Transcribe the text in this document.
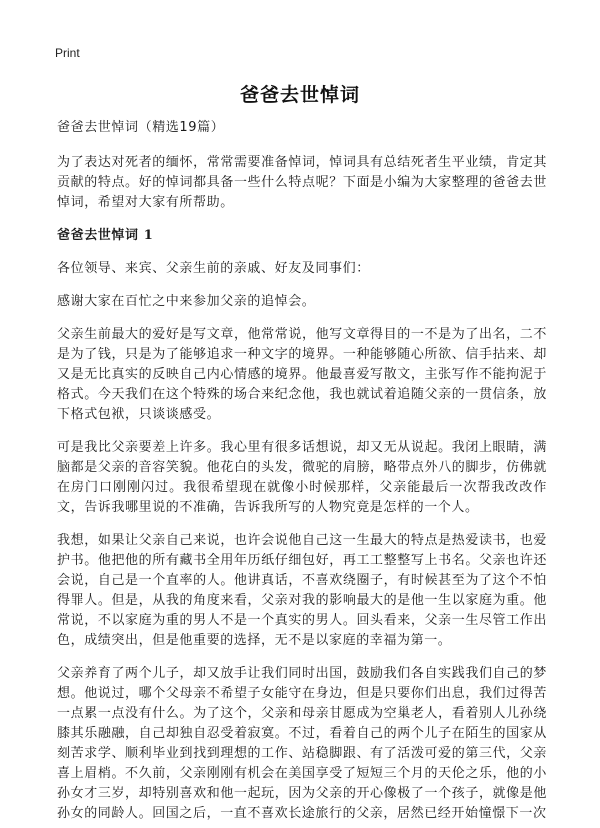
Print
爸爸去世悼词

爸爸去世悼词（精选19篇）

为了表达对死者的缅怀，常常需要准备悼词，悼词具有总结死者生平业绩，肯定其贡献的特点。好的悼词都具备一些什么特点呢？下面是小编为大家整理的爸爸去世悼词，希望对大家有所帮助。

爸爸去世悼词 1

各位领导、来宾、父亲生前的亲戚、好友及同事们：

感谢大家在百忙之中来参加父亲的追悼会。

父亲生前最大的爱好是写文章，他常常说，他写文章得目的一不是为了出名，二不是为了钱，只是为了能够追求一种文字的境界。一种能够随心所欲、信手拈来、却又是无比真实的反映自己内心情感的境界。他最喜爱写散文，主张写作不能拘泥于格式。今天我们在这个特殊的场合来纪念他，我也就试着追随父亲的一贯信条，放下格式包袱，只谈谈感受。

可是我比父亲要差上许多。我心里有很多话想说，却又无从说起。我闭上眼睛，满脑都是父亲的音容笑貌。他花白的头发，微驼的肩膀，略带点外八的脚步，仿佛就在房门口刚刚闪过。我很希望现在就像小时候那样，父亲能最后一次帮我改改作文，告诉我哪里说的不准确，告诉我所写的人物究竟是怎样的一个人。

我想，如果让父亲自己来说，也许会说他自己这一生最大的特点是热爱读书，也爱护书。他把他的所有藏书全用年历纸仔细包好，再工工整整写上书名。父亲也许还会说，自己是一个直率的人。他讲真话，不喜欢绕圈子，有时候甚至为了这个不怕得罪人。但是，从我的角度来看，父亲对我的影响最大的是他一生以家庭为重。他常说，不以家庭为重的男人不是一个真实的男人。回头看来，父亲一生尽管工作出色，成绩突出，但是他重要的选择，无不是以家庭的幸福为第一。

父亲养育了两个儿子，却又放手让我们同时出国，鼓励我们各自实践我们自己的梦想。他说过，哪个父母亲不希望子女能守在身边，但是只要你们出息，我们过得苦一点累一点没有什么。为了这个，父亲和母亲甘愿成为空巢老人，看着别人儿孙绕膝其乐融融，自己却独自忍受着寂寞。不过，看着自己的两个儿子在陌生的国家从刻苦求学、顺利毕业到找到理想的工作、站稳脚跟、有了活泼可爱的第三代，父亲喜上眉梢。不久前，父亲刚刚有机会在美国享受了短短三个月的天伦之乐，他的小孙女才三岁，却特别喜欢和他一起玩，因为父亲的开心像极了一个孩子，就像是他孙女的同龄人。回国之后，一直不喜欢长途旅行的父亲，居然已经开始憧憬下一次
